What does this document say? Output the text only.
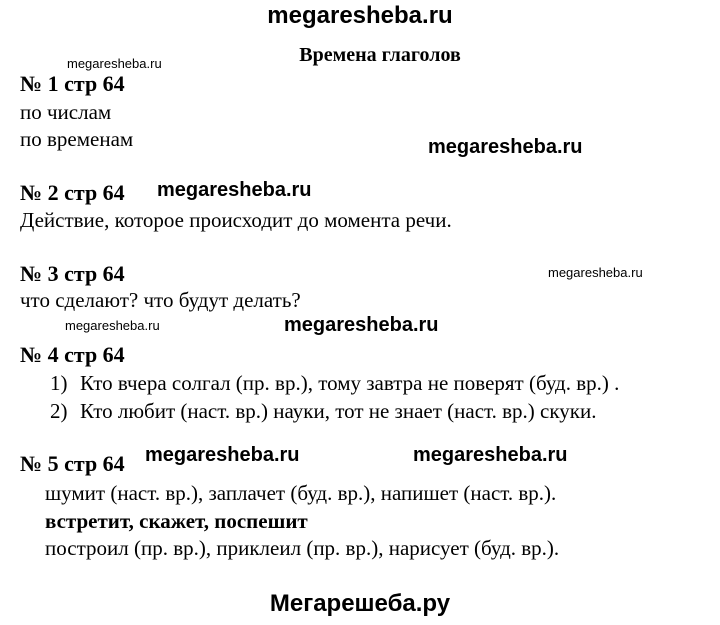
megaresheba.ru
Времена глаголов
megaresheba.ru
megaresheba.ru
megaresheba.ru
megaresheba.ru
megaresheba.ru	megaresheba.ru
megaresheba.ru	megaresheba.ru
№ 1 стр 64
по числам
по временам
№ 2 стр 64
Действие, которое происходит до момента речи.
№ 3 стр 64
что сделают? что будут делать?
№ 4 стр 64
1) Кто вчера солгал (пр. вр.), тому завтра не поверят (буд. вр.) .
2) Кто любит (наст. вр.) науки, тот не знает (наст. вр.) скуки.
№ 5 стр 64
шумит (наст. вр.), заплачет (буд. вр.), напишет (наст. вр.).
встретит, скажет, поспешит
построил (пр. вр.), приклеил (пр. вр.), нарисует (буд. вр.).
Мегарешеба.ру
